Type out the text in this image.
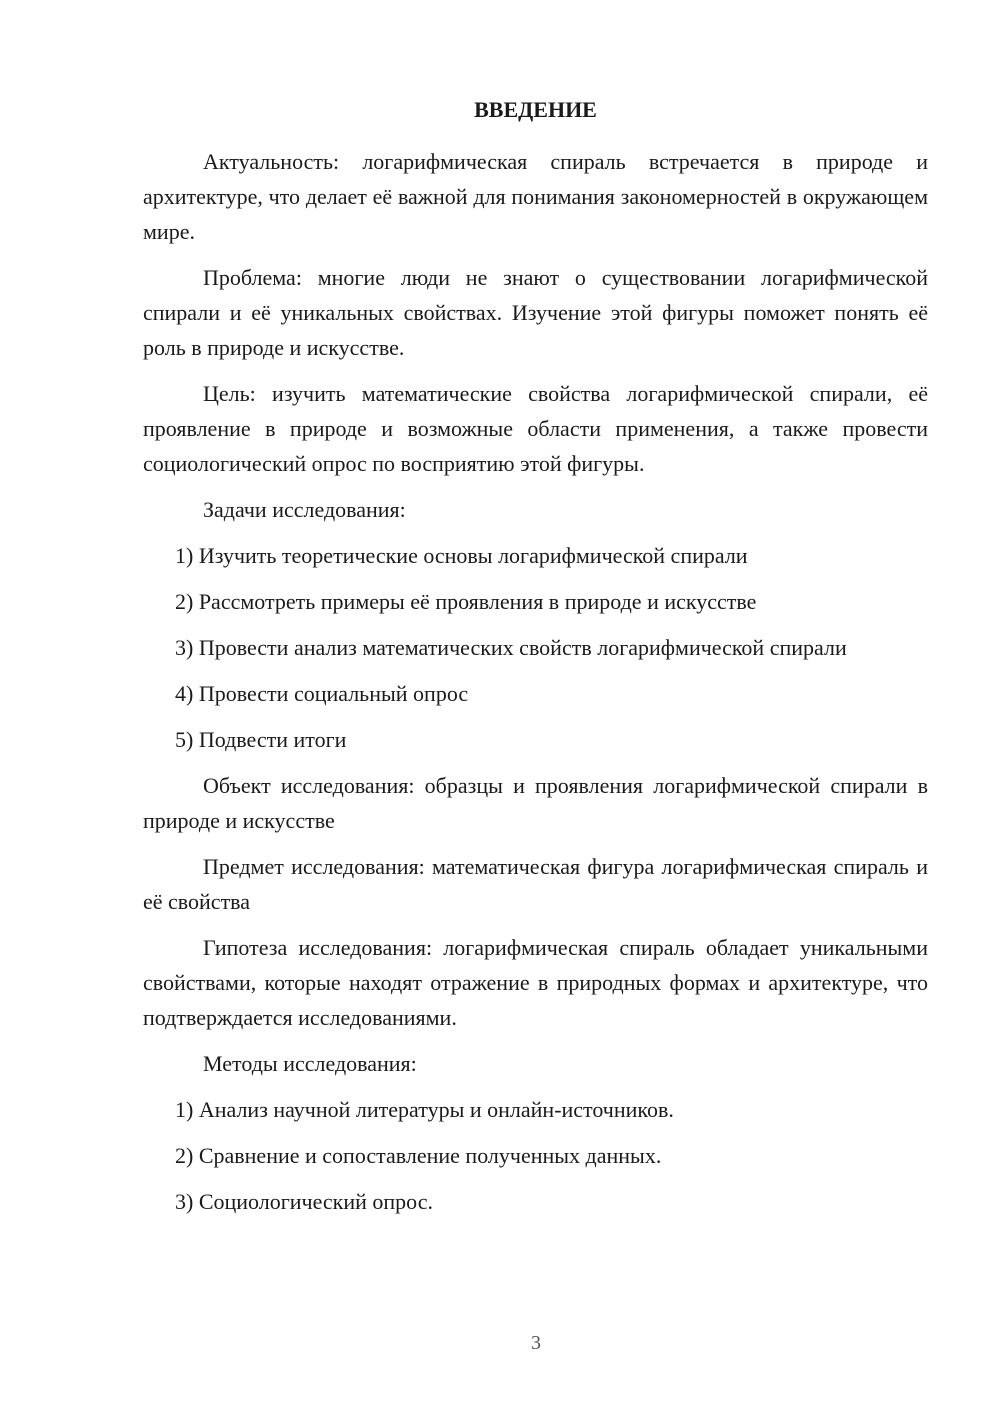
ВВЕДЕНИЕ

Актуальность: логарифмическая спираль встречается в природе и архитектуре, что делает её важной для понимания закономерностей в окружающем мире.

Проблема: многие люди не знают о существовании логарифмической спирали и её уникальных свойствах. Изучение этой фигуры поможет понять её роль в природе и искусстве.

Цель: изучить математические свойства логарифмической спирали, её проявление в природе и возможные области применения, а также провести социологический опрос по восприятию этой фигуры.

Задачи исследования:

1) Изучить теоретические основы логарифмической спирали

2) Рассмотреть примеры её проявления в природе и искусстве

3) Провести анализ математических свойств логарифмической спирали

4) Провести социальный опрос

5) Подвести итоги

Объект исследования: образцы и проявления логарифмической спирали в природе и искусстве

Предмет исследования: математическая фигура логарифмическая спираль и её свойства

Гипотеза исследования: логарифмическая спираль обладает уникальными свойствами, которые находят отражение в природных формах и архитектуре, что подтверждается исследованиями.

Методы исследования:

1) Анализ научной литературы и онлайн-источников.

2) Сравнение и сопоставление полученных данных.

3) Социологический опрос.

3
